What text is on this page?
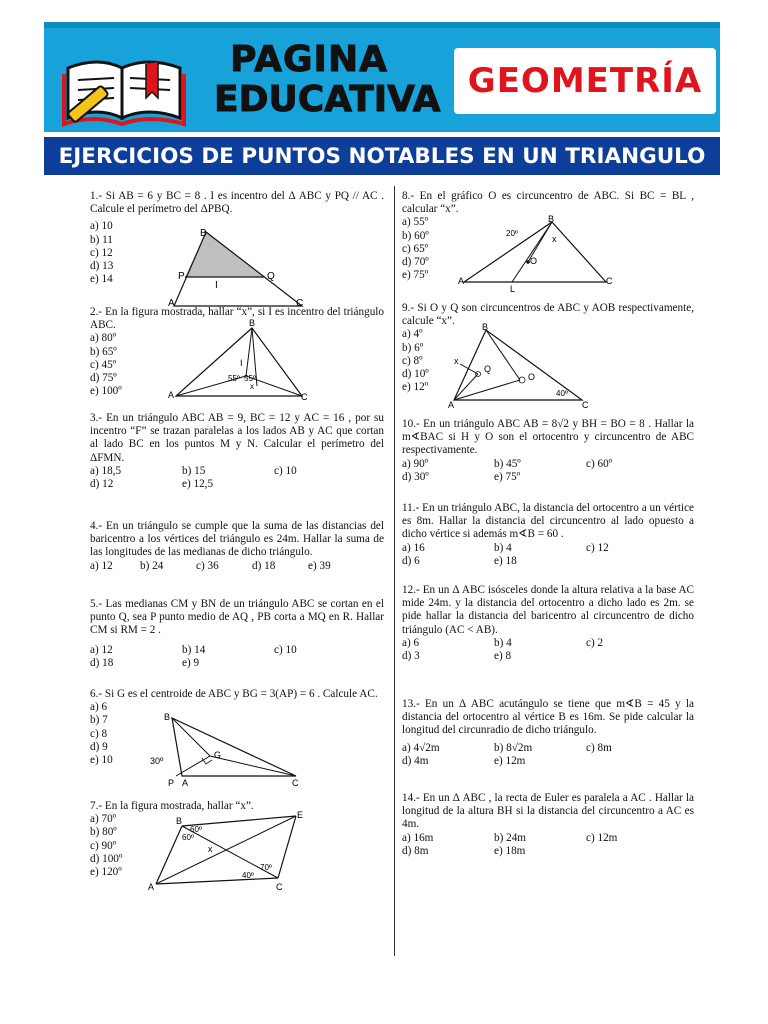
PAGINA
EDUCATIVA GEOMETRÍA
EJERCICIOS DE PUNTOS NOTABLES EN UN TRIANGULO
1.- Si AB = 6 y BC = 8 . I es incentro del Δ ABC y PQ // AC . Calcule el perímetro del ΔPBQ.
a) 10
b) 11
c) 12
d) 13
e) 14
B
P	Q
I
A	C
2.- En la figura mostrada, hallar “x”, si I es incentro del triángulo ABC.
a) 80º
b) 65º
c) 45º
d) 75º
e) 100º
B
I
55º 55º
x
A	C
3.- En un triángulo ABC AB = 9, BC = 12 y AC = 16 , por su incentro “F” se trazan paralelas a los lados AB y AC que cortan al lado BC en los puntos M y N. Calcular el perímetro del ΔFMN.
a) 18,5	b) 15	c) 10
d) 12	e) 12,5
4.- En un triángulo se cumple que la suma de las distancias del baricentro a los vértices del triángulo es 24m. Hallar la suma de las longitudes de las medianas de dicho triángulo.
a) 12	b) 24	c) 36	d) 18	e) 39
5.- Las medianas CM y BN de un triángulo ABC se cortan en el punto Q, sea P punto medio de AQ , PB corta a MQ en R. Hallar CM si RM = 2 .
a) 12	b) 14	c) 10
d) 18	e) 9
6.- Si G es el centroide de ABC y BG = 3(AP) = 6 . Calcule AC.
a) 6
b) 7
c) 8
d) 9
e) 10
B
G
30º
P A	C
7.- En la figura mostrada, hallar “x”.
a) 70º
b) 80º
c) 90º
d) 100º
e) 120º
B
E
60º
60º
x
70º
40º
A	C
8.- En el gráfico O es circuncentro de ABC. Si BC = BL , calcular “x”.
a) 55º
b) 60º
c) 65º
d) 70º
e) 75º
B
20º
x
O
A
L
C
9.- Si O y Q son circuncentros de ABC y AOB respectivamente, calcule “x”.
a) 4º
b) 6º
c) 8º
d) 10º
e) 12º
B
x
Q
O
A
40º
C
10.- En un triángulo ABC AB = 8√2 y BH = BO = 8 . Hallar la m∢BAC si H y O son el ortocentro y circuncentro de ABC respectivamente.
a) 90º	b) 45º	c) 60º
d) 30º	e) 75º
11.- En un triángulo ABC, la distancia del ortocentro a un vértice es 8m. Hallar la distancia del circuncentro al lado opuesto a dicho vértice si además m∢B = 60 .
a) 16	b) 4	c) 12
d) 6	e) 18
12.- En un Δ ABC isósceles donde la altura relativa a la base AC mide 24m. y la distancia del ortocentro a dicho lado es 2m. se pide hallar la distancia del baricentro al circuncentro de dicho triángulo (AC < AB).
a) 6	b) 4	c) 2
d) 3	e) 8
13.- En un Δ ABC acutángulo se tiene que m∢B = 45 y la distancia del ortocentro al vértice B es 16m. Se pide calcular la longitud del circunradio de dicho triángulo.
a) 4√2m	b) 8√2m	c) 8m
d) 4m	e) 12m
14.- En un Δ ABC , la recta de Euler es paralela a AC . Hallar la longitud de la altura BH si la distancia del circuncentro a AC es 4m.
a) 16m	b) 24m	c) 12m
d) 8m	e) 18m
